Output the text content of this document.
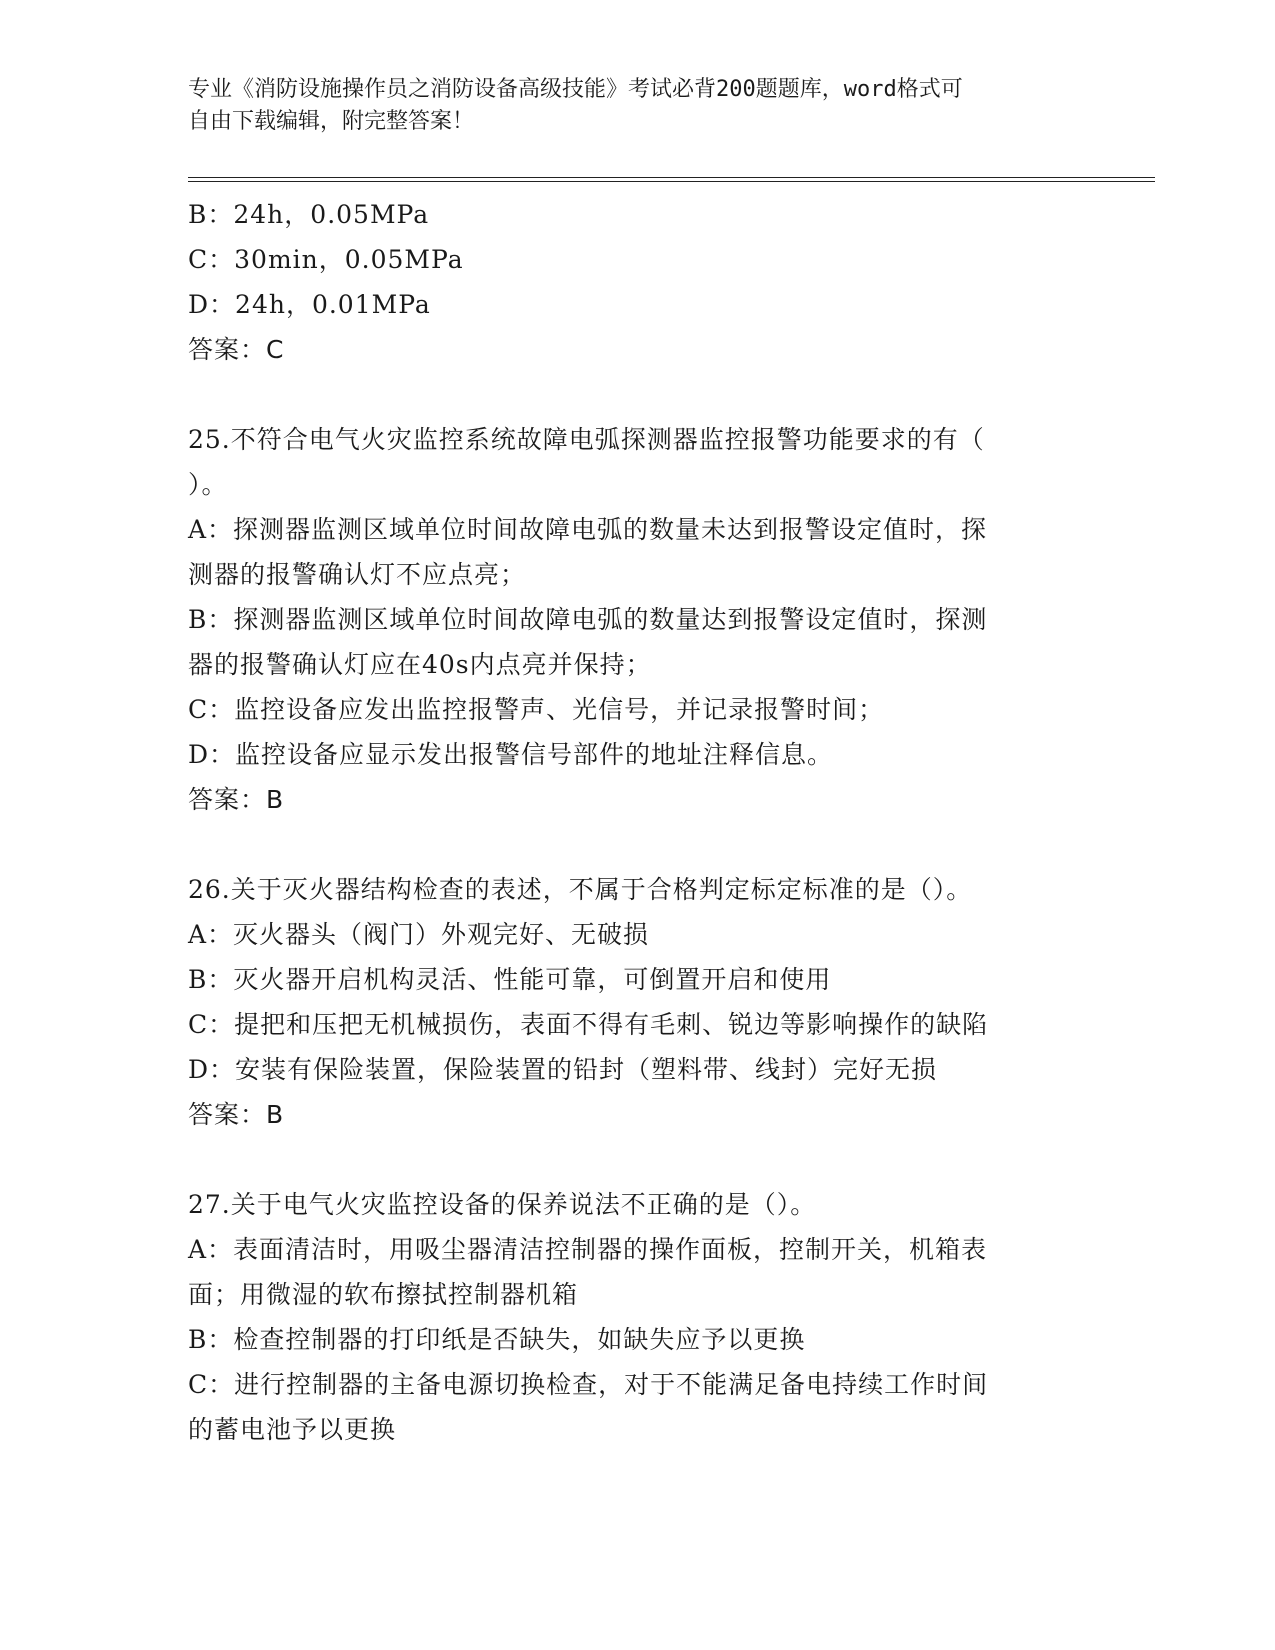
专业《消防设施操作员之消防设备高级技能》考试必背200题题库，word格式可
自由下载编辑，附完整答案！

B：24h，0.05MPa

C：30min，0.05MPa

D：24h，0.01MPa

答案：C

25.不符合电气火灾监控系统故障电弧探测器监控报警功能要求的有（

）。

A：探测器监测区域单位时间故障电弧的数量未达到报警设定值时，探

测器的报警确认灯不应点亮；

B：探测器监测区域单位时间故障电弧的数量达到报警设定值时，探测

器的报警确认灯应在40s内点亮并保持；

C：监控设备应发出监控报警声、光信号，并记录报警时间；

D：监控设备应显示发出报警信号部件的地址注释信息。

答案：B

26.关于灭火器结构检查的表述，不属于合格判定标定标准的是（）。

A：灭火器头（阀门）外观完好、无破损

B：灭火器开启机构灵活、性能可靠，可倒置开启和使用

C：提把和压把无机械损伤，表面不得有毛刺、锐边等影响操作的缺陷

D：安装有保险装置，保险装置的铅封（塑料带、线封）完好无损

答案：B

27.关于电气火灾监控设备的保养说法不正确的是（）。

A：表面清洁时，用吸尘器清洁控制器的操作面板，控制开关，机箱表

面；用微湿的软布擦拭控制器机箱

B：检查控制器的打印纸是否缺失，如缺失应予以更换

C：进行控制器的主备电源切换检查，对于不能满足备电持续工作时间

的蓄电池予以更换
